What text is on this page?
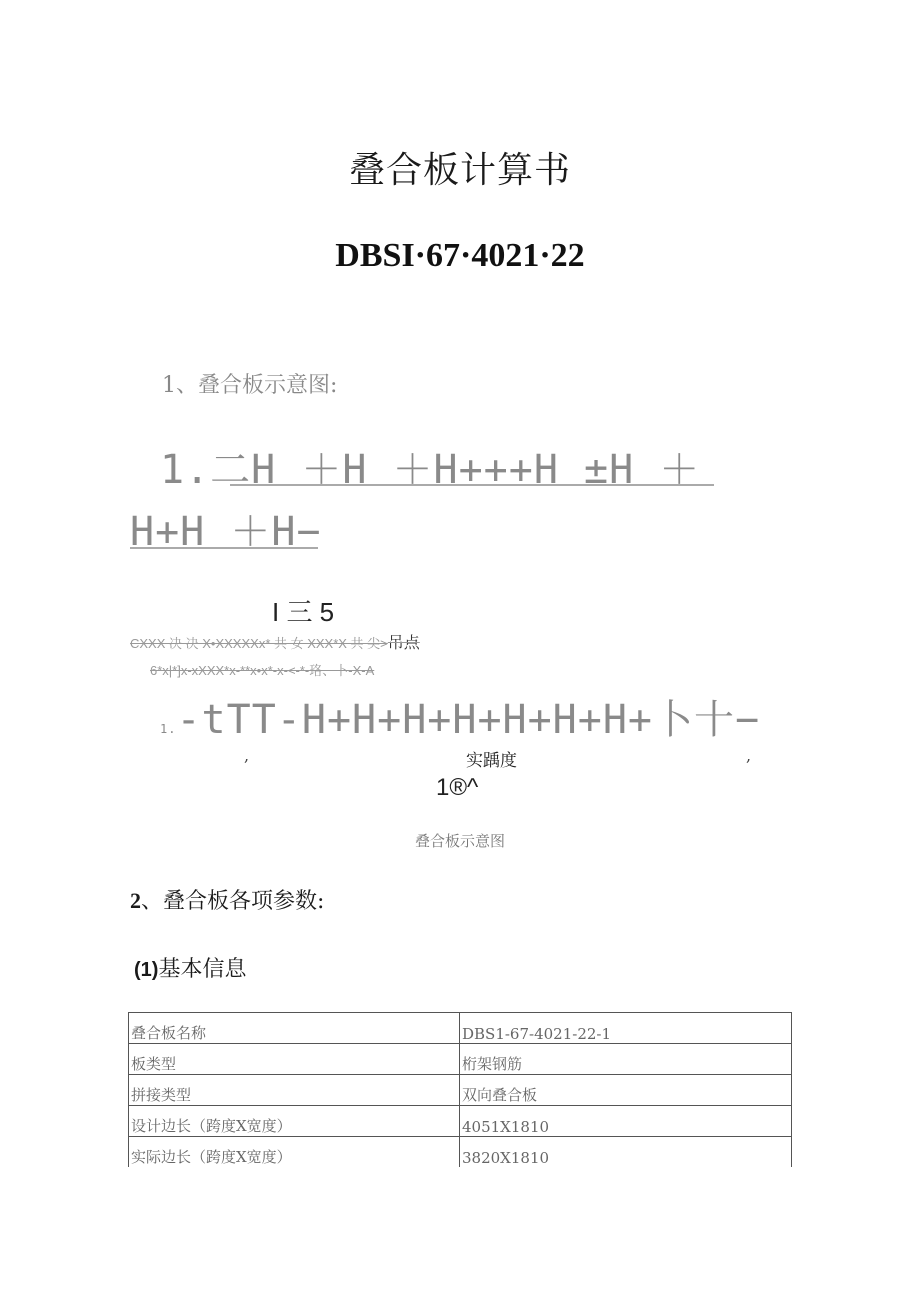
叠合板计算书
DBSI·67·4021·22
1、叠合板示意图:
1.二H ＋H ＋H+++H ±H ＋
H+H ＋H−
I 三 5
CXXX 决 决 X•XXXXXx* 共 女 XXX*X 共 尖>吊点
6*x|*]x-xXXX*x-**x•x*-x-<-*-珞、卜-X-A
1.-tTT-H+H+H+H+H+H+H+卜十−
,	实踽度	,
1®^
叠合板示意图
2、叠合板各项参数:
(1)基本信息
叠合板名称	DBS1-67-4021-22-1
板类型	桁架钢筋
拼接类型	双向叠合板
设计边长（跨度X宽度）	4051X1810
实际边长（跨度X宽度）	3820X1810
